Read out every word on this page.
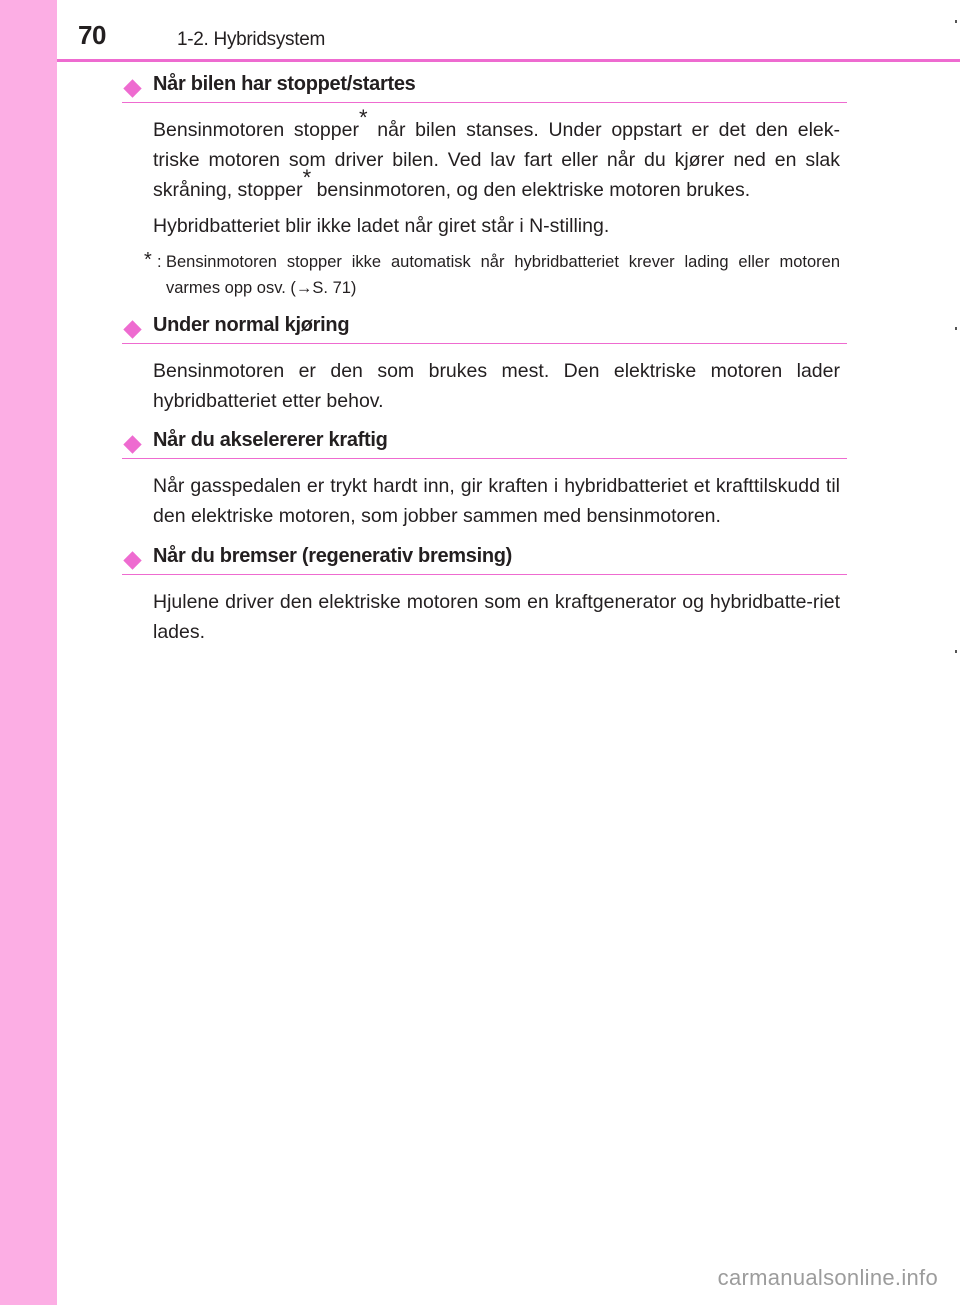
70	1-2. Hybridsystem
Når bilen har stoppet/startes

Bensinmotoren stopper* når bilen stanses. Under oppstart er det den elek-triske motoren som driver bilen. Ved lav fart eller når du kjører ned en slak skråning, stopper* bensinmotoren, og den elektriske motoren brukes.

Hybridbatteriet blir ikke ladet når giret står i N-stilling.

* : Bensinmotoren stopper ikke automatisk når hybridbatteriet krever lading eller motoren varmes opp osv. (→S. 71)
Under normal kjøring

Bensinmotoren er den som brukes mest. Den elektriske motoren lader hybridbatteriet etter behov.

Når du akselererer kraftig

Når gasspedalen er trykt hardt inn, gir kraften i hybridbatteriet et krafttilskudd til den elektriske motoren, som jobber sammen med bensinmotoren.

Når du bremser (regenerativ bremsing)

Hjulene driver den elektriske motoren som en kraftgenerator og hybridbatte-riet lades.

carmanualsonline.info
